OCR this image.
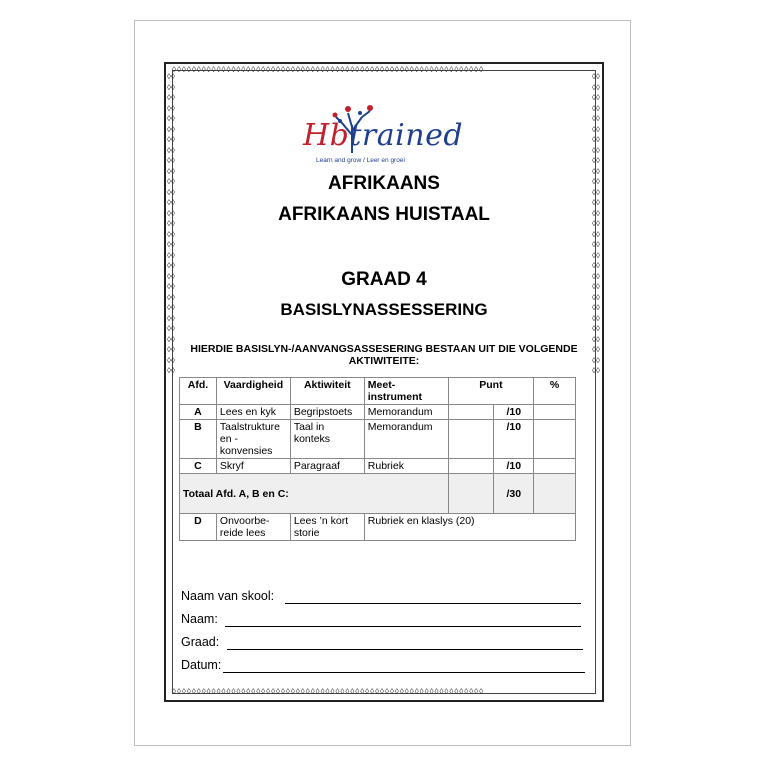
◊◊◊◊◊◊◊◊◊◊◊◊◊◊◊◊◊◊◊◊◊◊◊◊◊◊◊◊◊◊◊◊◊◊◊◊◊◊◊◊◊◊◊◊◊◊◊◊◊◊◊◊◊◊◊◊◊◊◊◊◊◊◊
◊◊◊◊◊◊◊◊◊◊◊◊◊◊◊◊◊◊◊◊◊◊◊◊◊◊◊◊◊◊◊◊◊◊◊◊◊◊◊◊◊◊◊◊◊◊◊◊◊◊◊◊◊◊◊◊◊◊◊◊◊◊◊
◊◊◊◊◊◊◊◊◊◊◊◊◊◊◊◊◊◊◊◊◊◊◊◊◊◊◊◊◊◊◊◊◊◊◊◊◊◊◊◊◊◊◊◊◊◊◊◊◊◊◊◊◊◊◊◊◊◊
◊◊◊◊◊◊◊◊◊◊◊◊◊◊◊◊◊◊◊◊◊◊◊◊◊◊◊◊◊◊◊◊◊◊◊◊◊◊◊◊◊◊◊◊◊◊◊◊◊◊◊◊◊◊◊◊◊◊
Hbtrained
Learn and grow / Leer en groei
AFRIKAANS
AFRIKAANS HUISTAAL
GRAAD 4
BASISLYNASSESSERING
HIERDIE BASISLYN-/AANVANGSASSESERING BESTAAN UIT DIE VOLGENDE AKTIWITEITE:
Afd.	Vaardigheid	Aktiwiteit	Meet-instrument	Punt		%
A	Lees en kyk	Begripstoets	Memorandum		/10	
B	Taalstrukture en - konvensies	Taal in konteks	Memorandum		/10	
C	Skryf	Paragraaf	Rubriek		/10	
Totaal Afd. A, B en C:					/30	
D	Onvoorbe-reide lees	Lees ’n kort storie	Rubriek en klaslys (20)			
Naam van skool:
Naam:
Graad:
Datum:
